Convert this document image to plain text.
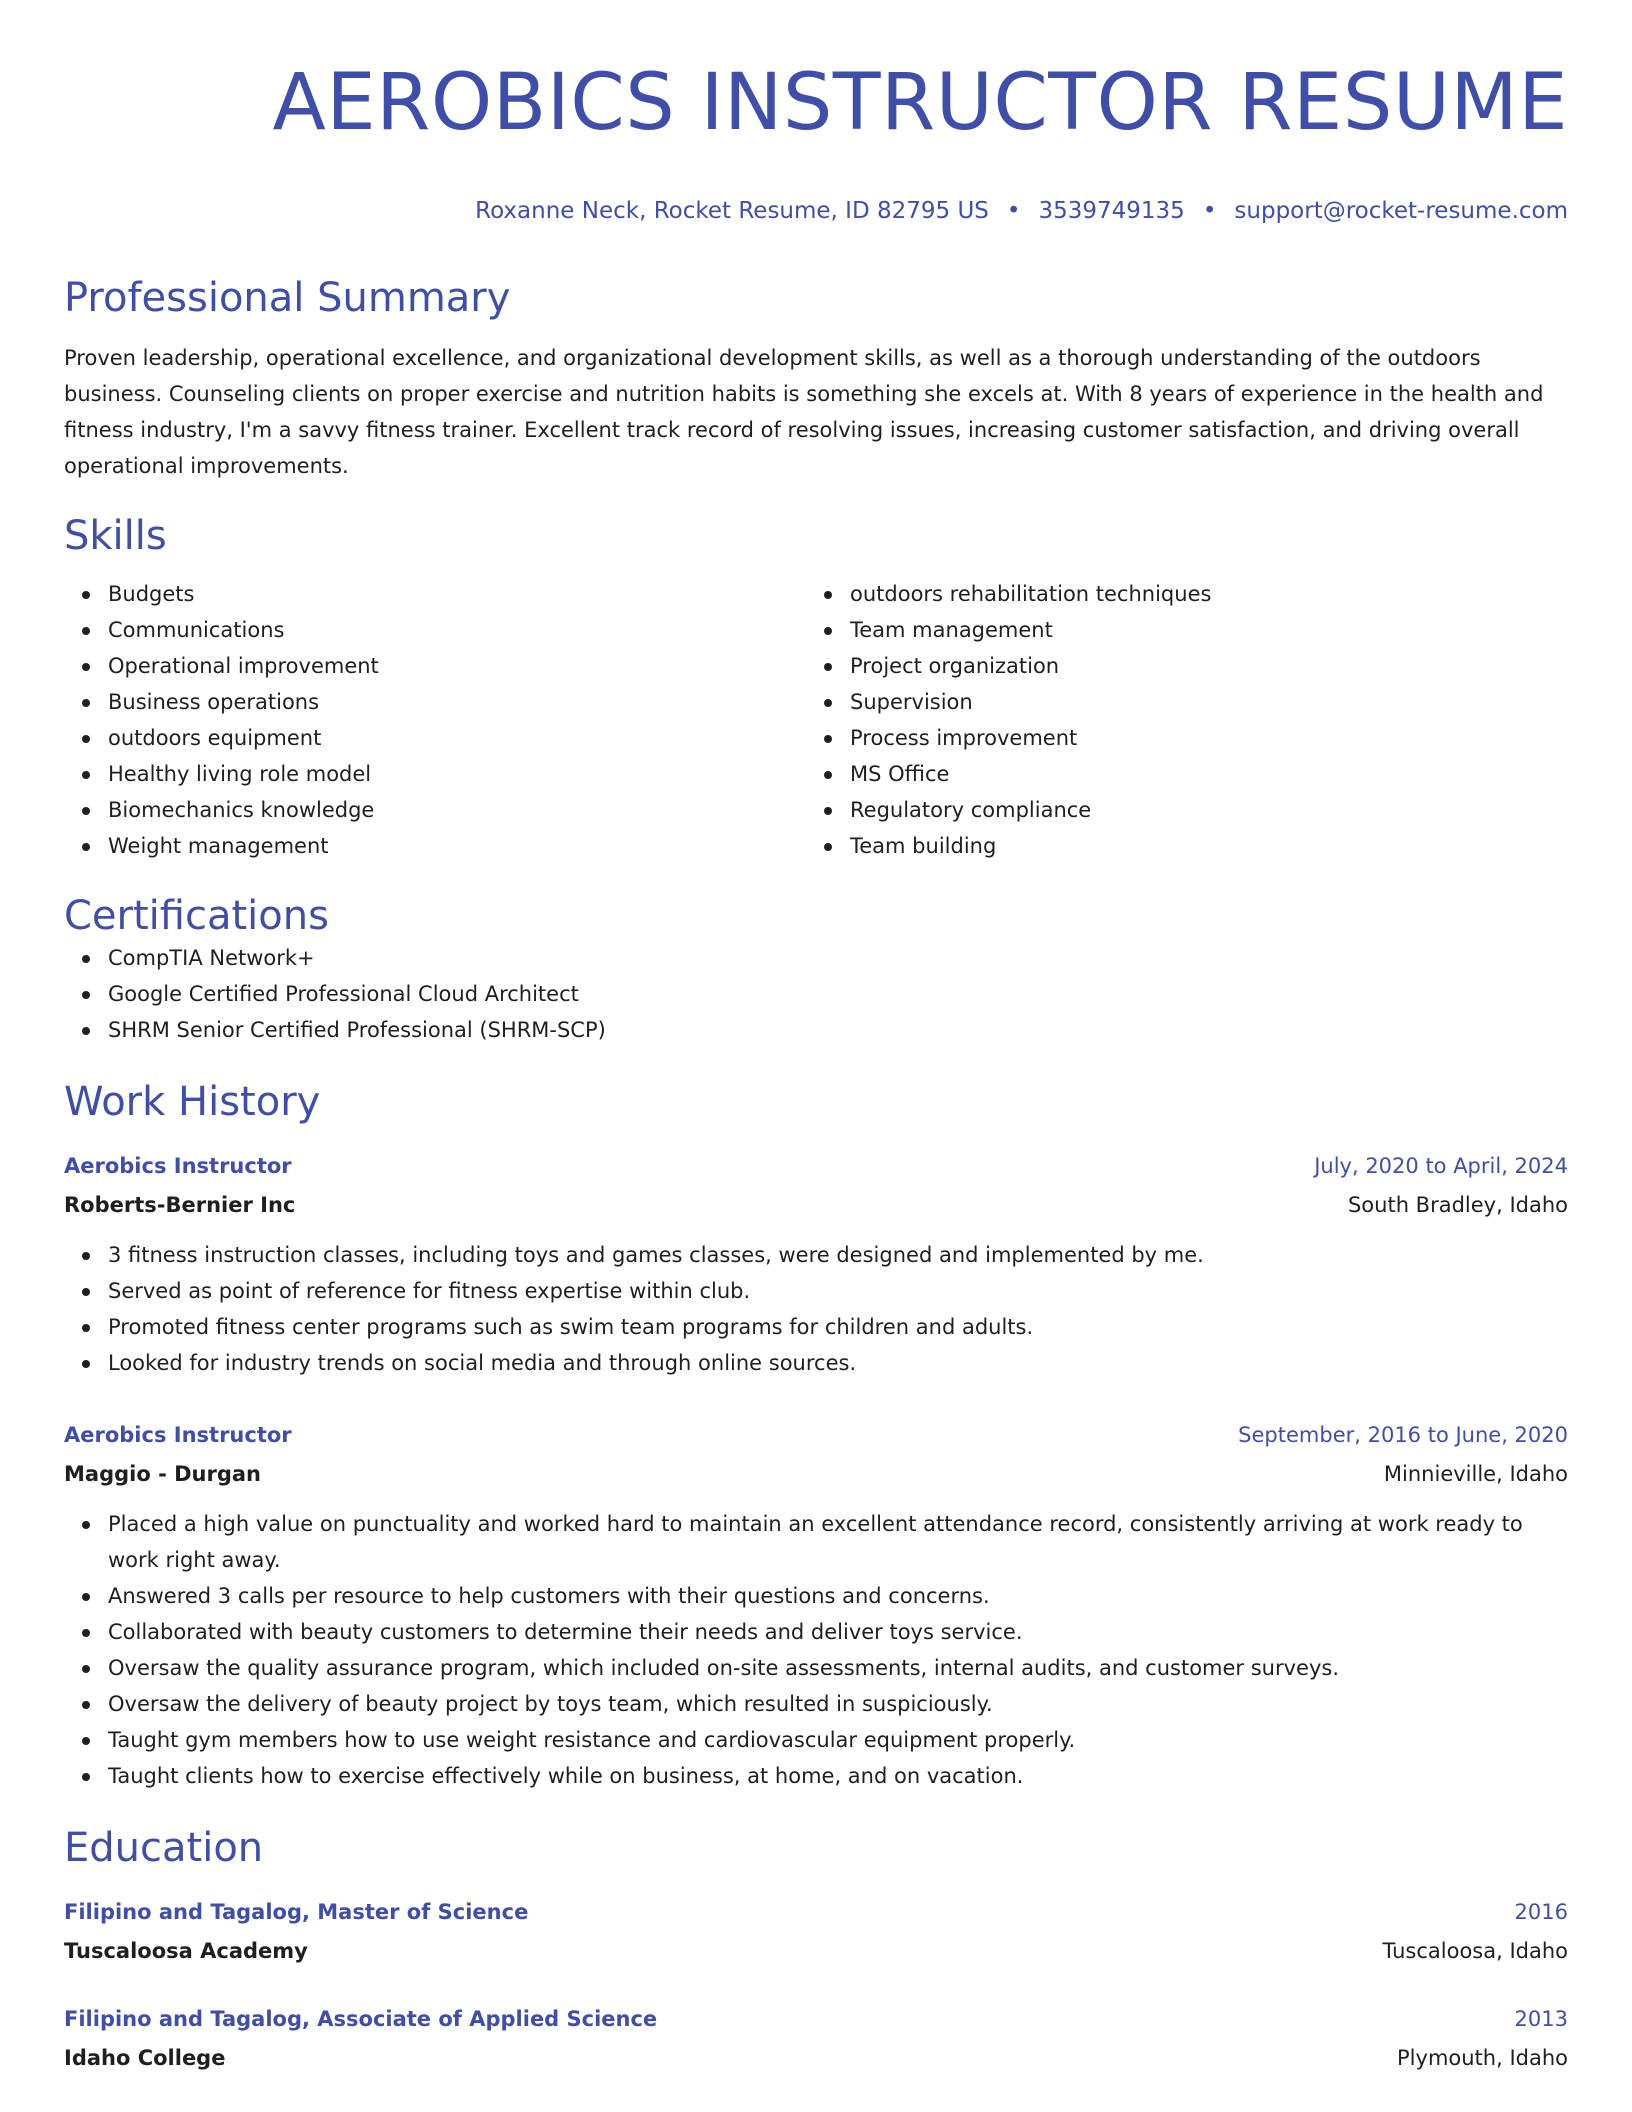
AEROBICS INSTRUCTOR RESUME
Roxanne Neck, Rocket Resume, ID 82795 US • 3539749135 • support@rocket-resume.com
Professional Summary
Proven leadership, operational excellence, and organizational development skills, as well as a thorough understanding of the outdoors business. Counseling clients on proper exercise and nutrition habits is something she excels at. With 8 years of experience in the health and fitness industry, I'm a savvy fitness trainer. Excellent track record of resolving issues, increasing customer satisfaction, and driving overall operational improvements.
Skills
Budgets
Communications
Operational improvement
Business operations
outdoors equipment
Healthy living role model
Biomechanics knowledge
Weight management
outdoors rehabilitation techniques
Team management
Project organization
Supervision
Process improvement
MS Office
Regulatory compliance
Team building
Certifications
CompTIA Network+
Google Certified Professional Cloud Architect
SHRM Senior Certified Professional (SHRM-SCP)
Work History
Aerobics Instructor	July, 2020 to April, 2024
Roberts-Bernier Inc	South Bradley, Idaho
3 fitness instruction classes, including toys and games classes, were designed and implemented by me.
Served as point of reference for fitness expertise within club.
Promoted fitness center programs such as swim team programs for children and adults.
Looked for industry trends on social media and through online sources.
Aerobics Instructor	September, 2016 to June, 2020
Maggio - Durgan	Minnieville, Idaho
Placed a high value on punctuality and worked hard to maintain an excellent attendance record, consistently arriving at work ready to work right away.
Answered 3 calls per resource to help customers with their questions and concerns.
Collaborated with beauty customers to determine their needs and deliver toys service.
Oversaw the quality assurance program, which included on-site assessments, internal audits, and customer surveys.
Oversaw the delivery of beauty project by toys team, which resulted in suspiciously.
Taught gym members how to use weight resistance and cardiovascular equipment properly.
Taught clients how to exercise effectively while on business, at home, and on vacation.
Education
Filipino and Tagalog, Master of Science	2016
Tuscaloosa Academy	Tuscaloosa, Idaho
Filipino and Tagalog, Associate of Applied Science	2013
Idaho College	Plymouth, Idaho
